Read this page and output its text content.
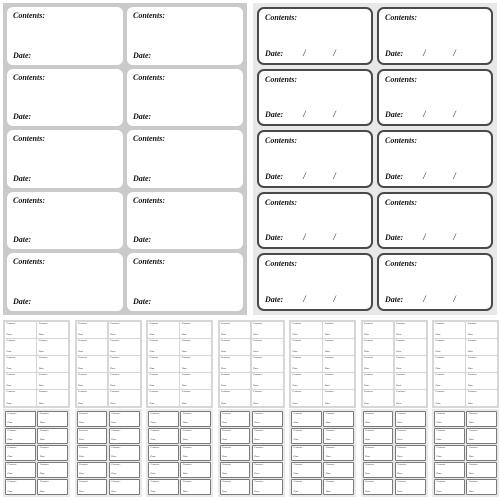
Contents:
Date:
Contents:
Date:
Contents:
Date:
Contents:
Date:
Contents:
Date:
Contents:
Date:
Contents:
Date:
Contents:
Date:
Contents:
Date:
Contents:
Date:
Contents:
Date: /	/
Contents:
Date: /	/
Contents:
Date: /	/
Contents:
Date: /	/
Contents:
Date: /	/
Contents:
Date: /	/
Contents:
Date: /	/
Contents:
Date: /	/
Contents:
Date: /	/
Contents:
Date: /	/
Contents:
Date:
Contents:
Date:
Contents:
Date:
Contents:
Date:
Contents:
Date:
Contents:
Date:
Contents:
Date:
Contents:
Date:
Contents:
Date:
Contents:
Date:
Contents:
Date:
Contents:
Date:
Contents:
Date:
Contents:
Date:
Contents:
Date:
Contents:
Date:
Contents:
Date:
Contents:
Date:
Contents:
Date:
Contents:
Date:
Contents:
Date:
Contents:
Date:
Contents:
Date:
Contents:
Date:
Contents:
Date:
Contents:
Date:
Contents:
Date:
Contents:
Date:
Contents:
Date:
Contents:
Date:
Contents:
Date:
Contents:
Date:
Contents:
Date:
Contents:
Date:
Contents:
Date:
Contents:
Date:
Contents:
Date:
Contents:
Date:
Contents:
Date:
Contents:
Date:
Contents:
Date:
Contents:
Date:
Contents:
Date:
Contents:
Date:
Contents:
Date:
Contents:
Date:
Contents:
Date:
Contents:
Date:
Contents:
Date:
Contents:
Date:
Contents:
Date:
Contents:
Date:
Contents:
Date:
Contents:
Date:
Contents:
Date:
Contents:
Date:
Contents:
Date:
Contents:
Date:
Contents:
Date:
Contents:
Date:
Contents:
Date:
Contents:
Date:
Contents:
Date:
Contents:
Date:
Contents:
Date:
Contents:
Date:
Contents:
Date:
Contents:
Date:
Contents:
Date:
Contents:
Date:
Contents:
Date:
Contents:
Date:
Contents:
Date:
Contents:
Date:
Contents:
Date:
Contents:
Date:
Contents:
Date:
Contents:
Date:
Contents:
Date:
Contents:
Date:
Contents:
Date:
Contents:
Date:
Contents:
Date:
Contents:
Date:
Contents:
Date:
Contents:
Date:
Contents:
Date:
Contents:
Date:
Contents:
Date:
Contents:
Date:
Contents:
Date:
Contents:
Date:
Contents:
Date:
Contents:
Date:
Contents:
Date:
Contents:
Date:
Contents:
Date:
Contents:
Date:
Contents:
Date:
Contents:
Date:
Contents:
Date:
Contents:
Date:
Contents:
Date:
Contents:
Date:
Contents:
Date:
Contents:
Date:
Contents:
Date:
Contents:
Date:
Contents:
Date:
Contents:
Date:
Contents:
Date:
Contents:
Date:
Contents:
Date:
Contents:
Date:
Contents:
Date:
Contents:
Date:
Contents:
Date:
Contents:
Date:
Contents:
Date:
Contents:
Date:
Contents:
Date:
Contents:
Date:
Contents:
Date:
Contents:
Date:
Contents:
Date:
Contents:
Date:
Contents:
Date:
Contents:
Date:
Contents:
Date:
Contents:
Date:
Contents:
Date:
Contents:
Date:
Contents:
Date:
Contents:
Date:
Contents:
Date:
Contents:
Date:
Contents:
Date:
Contents:
Date:
Contents:
Date:
Contents:
Date:
